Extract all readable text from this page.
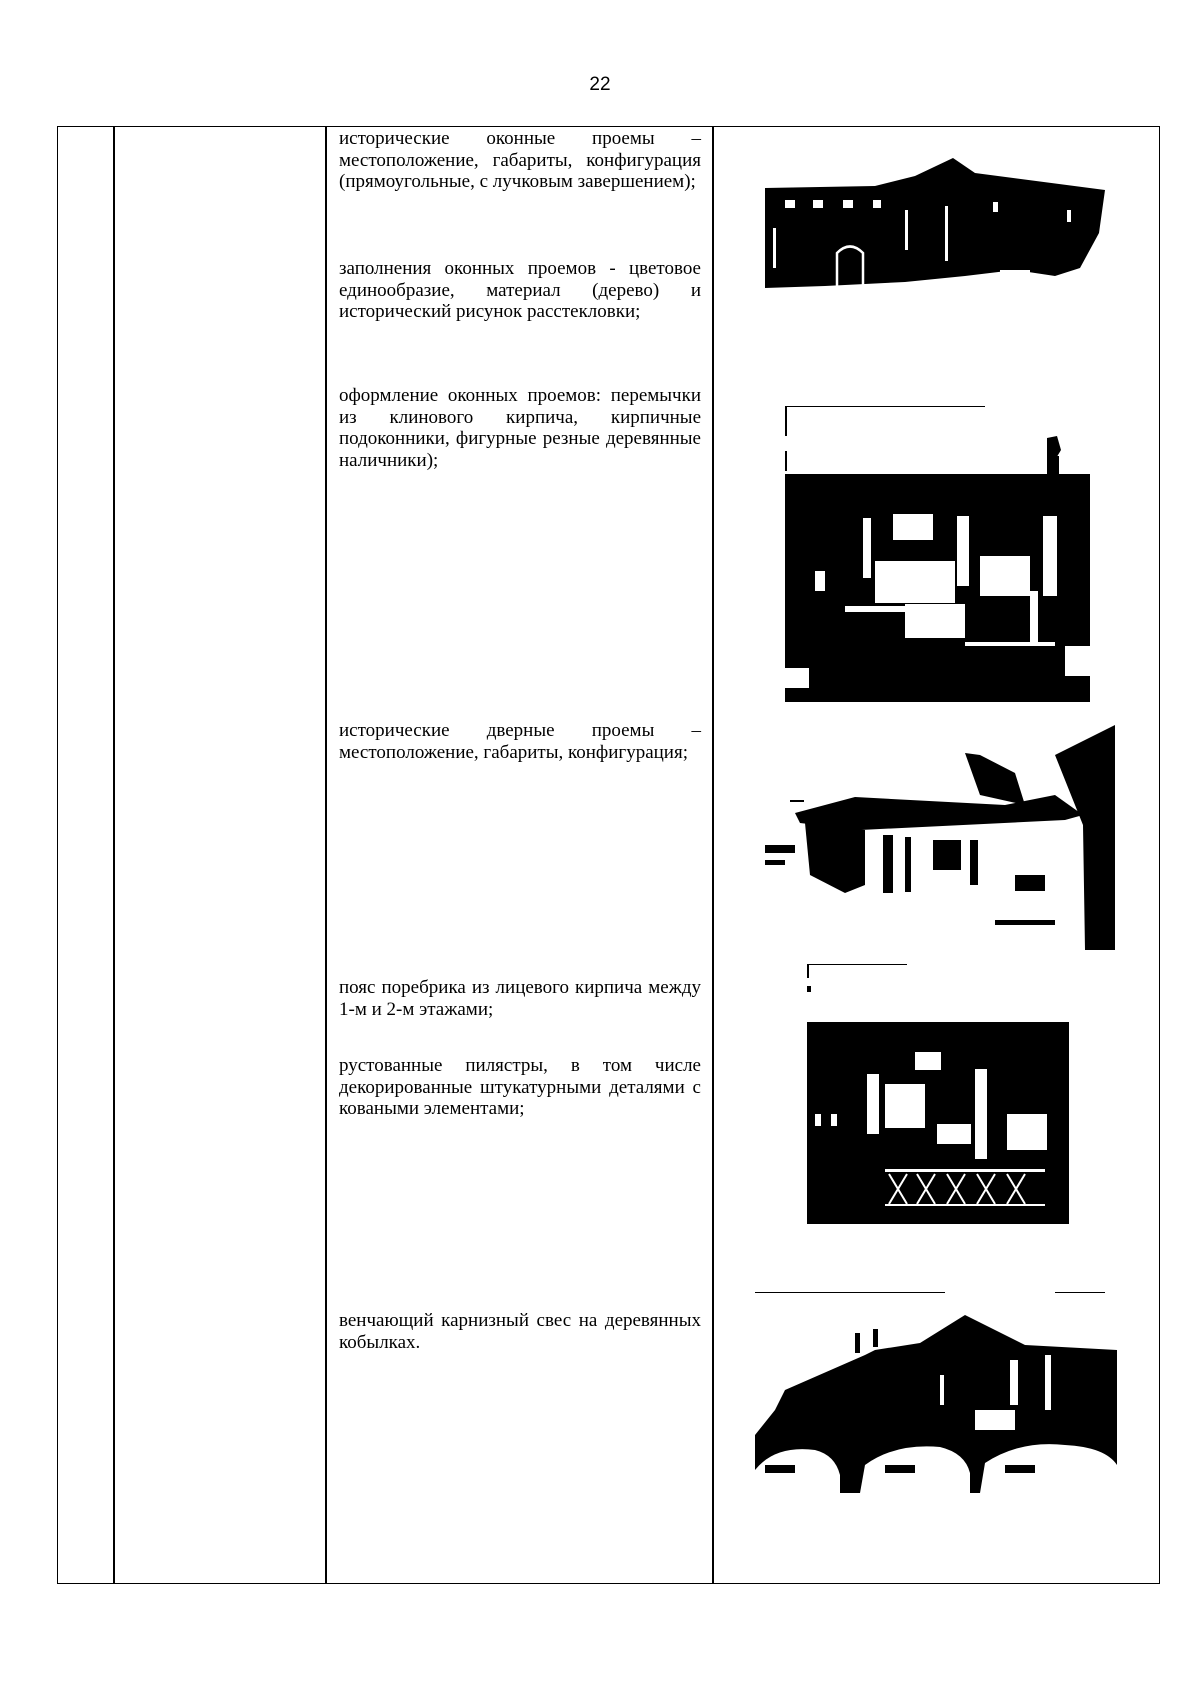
22
исторические оконные проемы – местоположение, габариты, конфигурация (прямоугольные, с лучковым завершением);
заполнения оконных проемов - цветовое единообразие, материал (дерево) и исторический рисунок расстекловки;
оформление оконных проемов: перемычки из клинового кирпича, кирпичные подоконники, фигурные резные деревянные наличники);
исторические дверные проемы – местоположение, габариты, конфигурация;
пояс поребрика из лицевого кирпича между 1-м и 2-м этажами;
рустованные пилястры, в том числе декорированные штукатурными деталями с коваными элементами;
венчающий карнизный свес на деревянных кобылках.
